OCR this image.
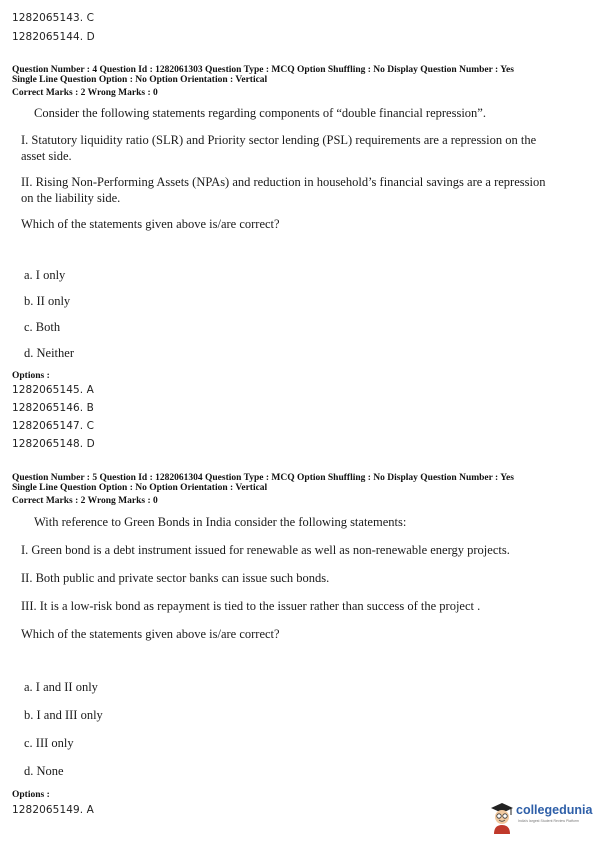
1282065143. C
1282065144. D
Question Number : 4 Question Id : 1282061303 Question Type : MCQ Option Shuffling : No Display Question Number : Yes
Single Line Question Option : No Option Orientation : Vertical
Correct Marks : 2 Wrong Marks : 0
Consider the following statements regarding components of “double financial repression”.
I. Statutory liquidity ratio (SLR) and Priority sector lending (PSL) requirements are a repression on the
asset side.
II. Rising Non-Performing Assets (NPAs) and reduction in household’s financial savings are a repression
on the liability side.
Which of the statements given above is/are correct?
a. I only
b. II only
c. Both
d. Neither
Options :
1282065145. A
1282065146. B
1282065147. C
1282065148. D
Question Number : 5 Question Id : 1282061304 Question Type : MCQ Option Shuffling : No Display Question Number : Yes
Single Line Question Option : No Option Orientation : Vertical
Correct Marks : 2 Wrong Marks : 0
With reference to Green Bonds in India consider the following statements:
I. Green bond is a debt instrument issued for renewable as well as non-renewable energy projects.
II. Both public and private sector banks can issue such bonds.
III. It is a low-risk bond as repayment is tied to the issuer rather than success of the project .
Which of the statements given above is/are correct?
a. I and II only
b. I and III only
c. III only
d. None
Options :
1282065149. A	collegedunia
India's largest Student Review Platform
